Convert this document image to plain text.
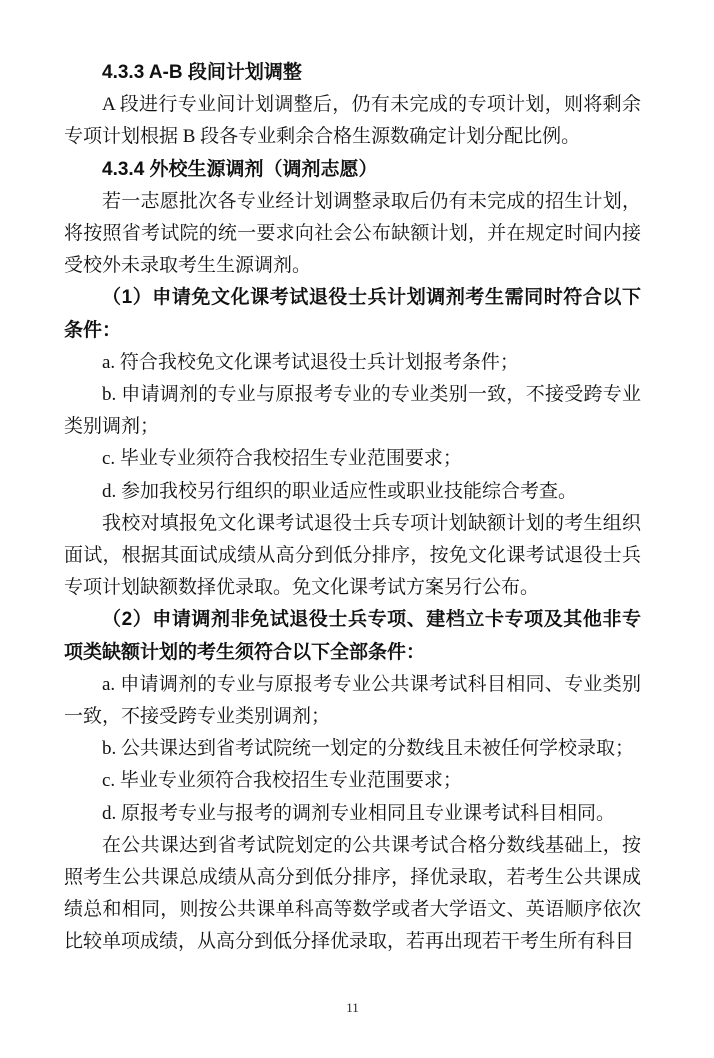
4.3.3 A-B 段间计划调整

A 段进行专业间计划调整后，仍有未完成的专项计划，则将剩余专项计划根据 B 段各专业剩余合格生源数确定计划分配比例。

4.3.4 外校生源调剂（调剂志愿）

若一志愿批次各专业经计划调整录取后仍有未完成的招生计划，将按照省考试院的统一要求向社会公布缺额计划，并在规定时间内接受校外未录取考生生源调剂。

（1）申请免文化课考试退役士兵计划调剂考生需同时符合以下条件：

a. 符合我校免文化课考试退役士兵计划报考条件；

b. 申请调剂的专业与原报考专业的专业类别一致，不接受跨专业类别调剂；

c. 毕业专业须符合我校招生专业范围要求；

d. 参加我校另行组织的职业适应性或职业技能综合考查。

我校对填报免文化课考试退役士兵专项计划缺额计划的考生组织面试，根据其面试成绩从高分到低分排序，按免文化课考试退役士兵专项计划缺额数择优录取。免文化课考试方案另行公布。

（2）申请调剂非免试退役士兵专项、建档立卡专项及其他非专项类缺额计划的考生须符合以下全部条件：

a. 申请调剂的专业与原报考专业公共课考试科目相同、专业类别一致，不接受跨专业类别调剂；

b. 公共课达到省考试院统一划定的分数线且未被任何学校录取；

c. 毕业专业须符合我校招生专业范围要求；

d. 原报考专业与报考的调剂专业相同且专业课考试科目相同。

在公共课达到省考试院划定的公共课考试合格分数线基础上，按照考生公共课总成绩从高分到低分排序，择优录取，若考生公共课成绩总和相同，则按公共课单科高等数学或者大学语文、英语顺序依次比较单项成绩，从高分到低分择优录取，若再出现若干考生所有科目

11
